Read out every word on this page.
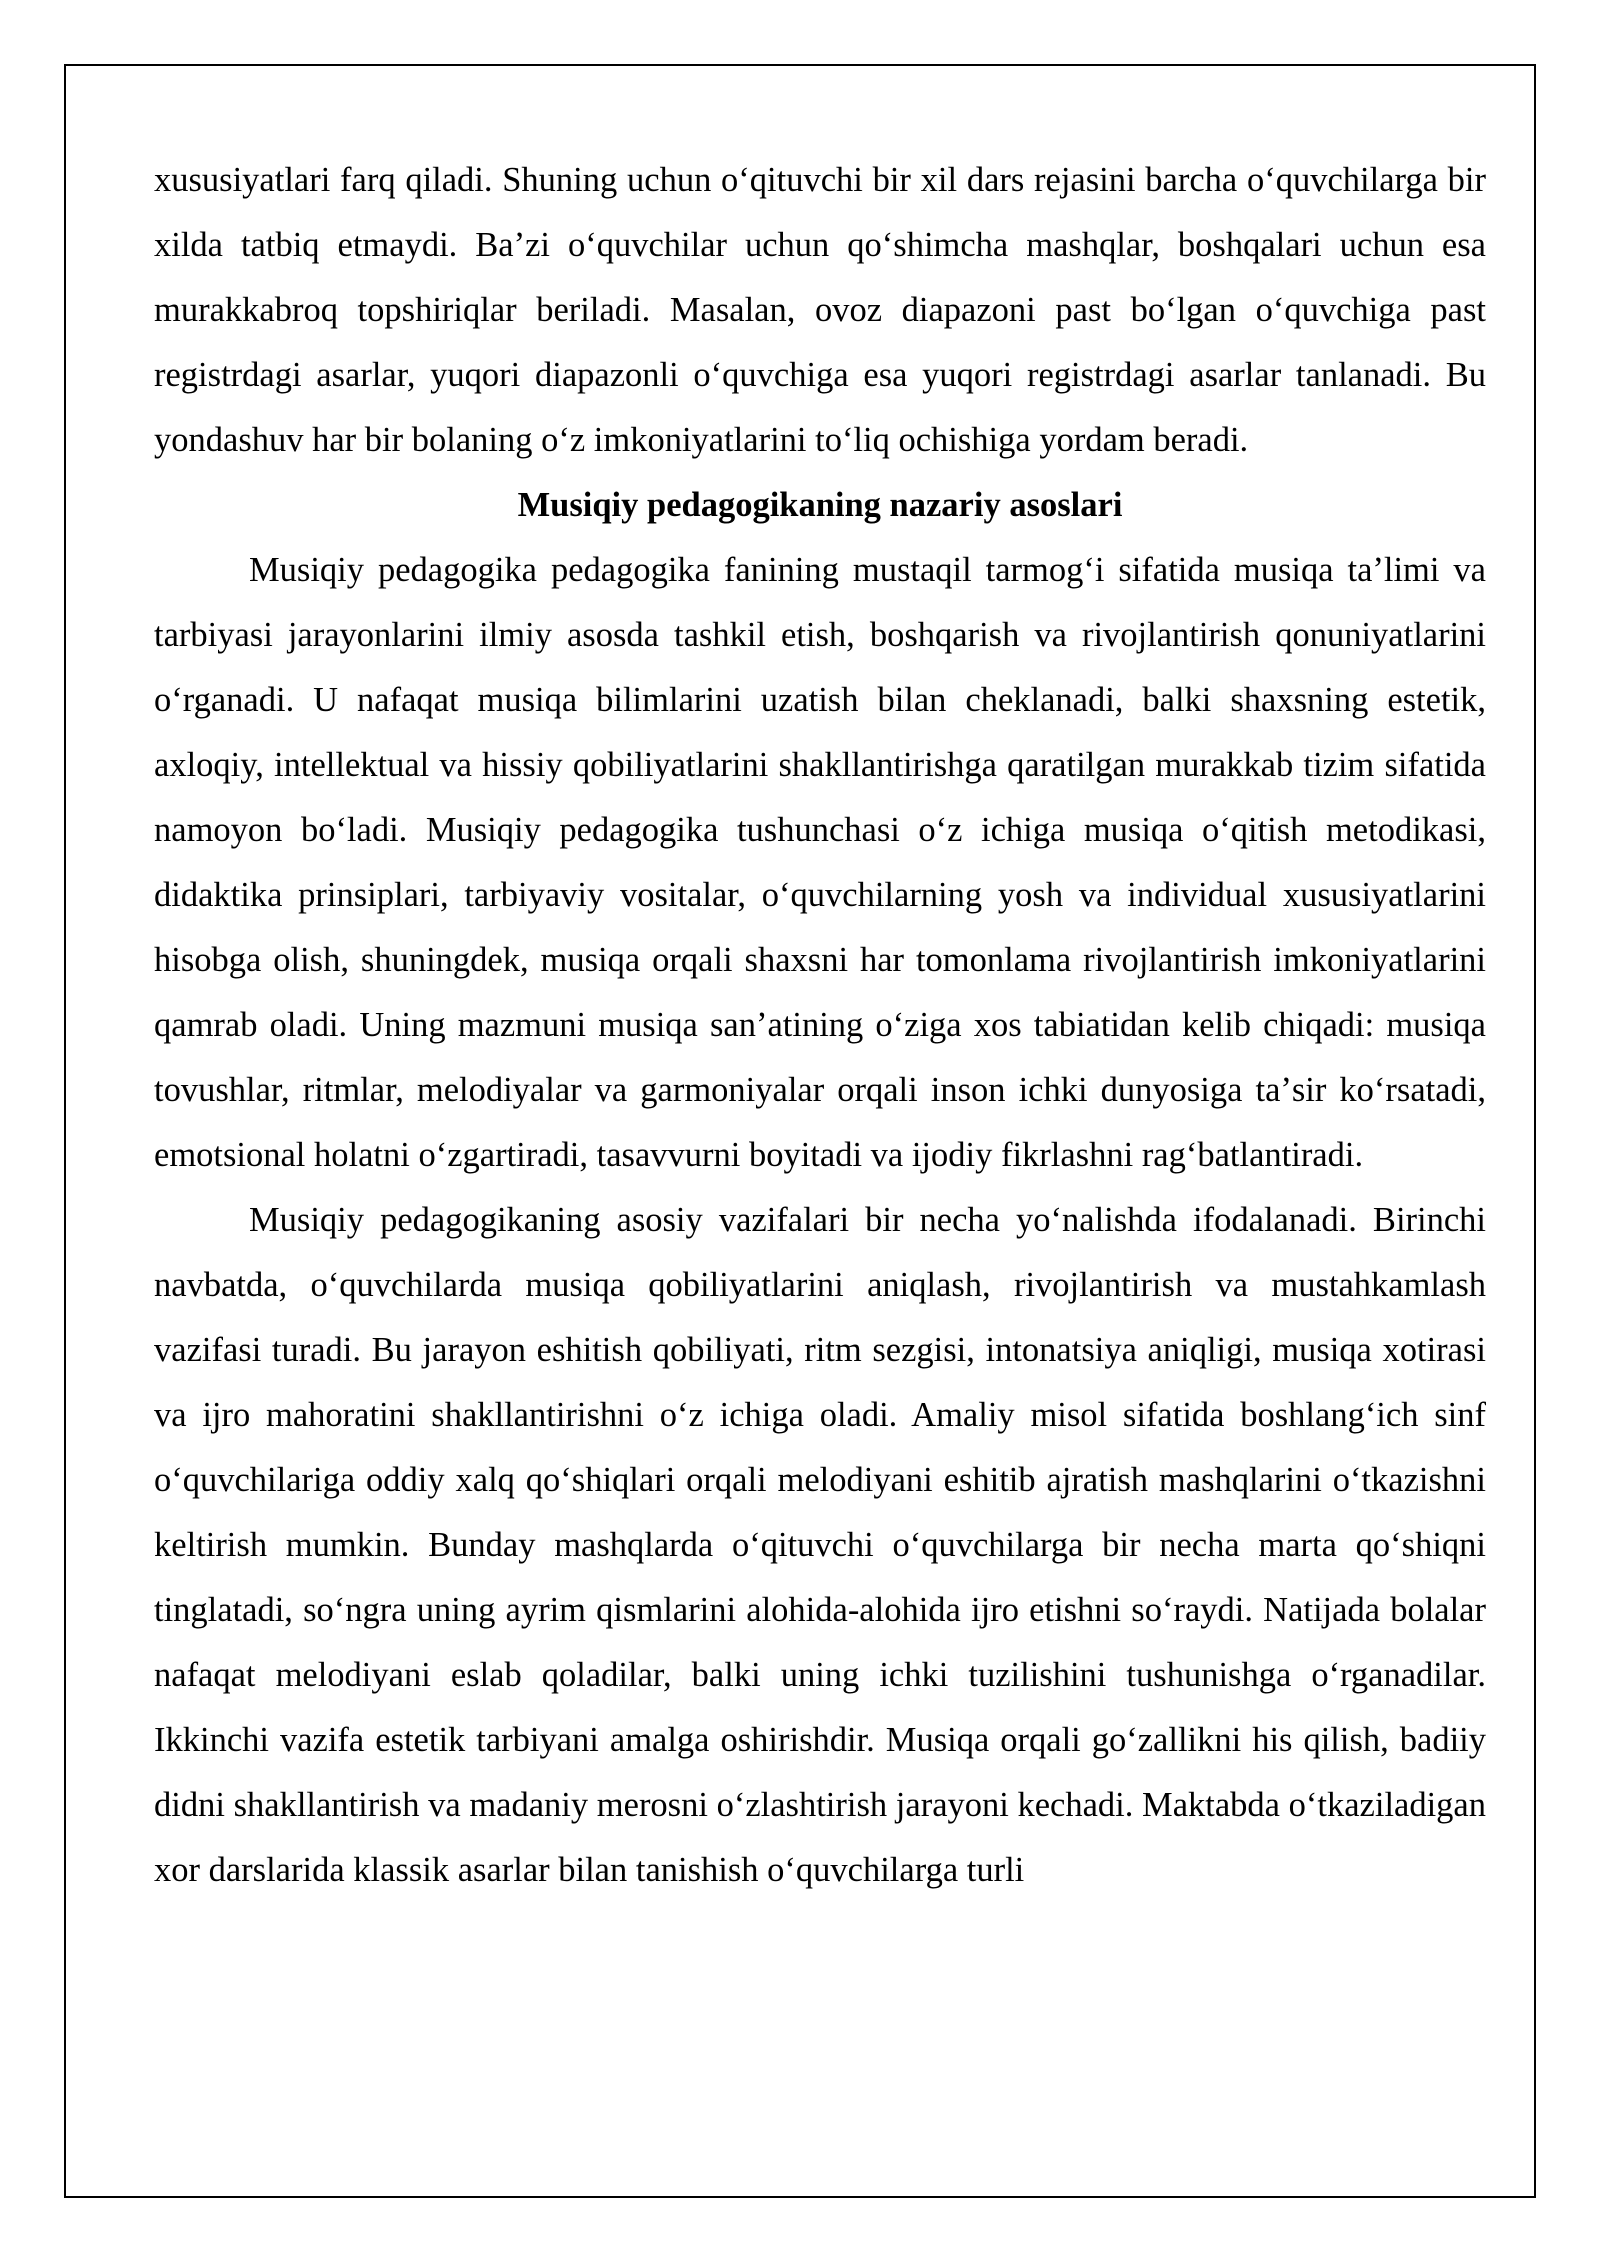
xususiyatlari farq qiladi. Shuning uchun oʻqituvchi bir xil dars rejasini barcha oʻquvchilarga bir xilda tatbiq etmaydi. Baʼzi oʻquvchilar uchun qoʻshimcha mashqlar, boshqalari uchun esa murakkabroq topshiriqlar beriladi. Masalan, ovoz diapazoni past boʻlgan oʻquvchiga past registrdagi asarlar, yuqori diapazonli oʻquvchiga esa yuqori registrdagi asarlar tanlanadi. Bu yondashuv har bir bolaning oʻz imkoniyatlarini toʻliq ochishiga yordam beradi.

Musiqiy pedagogikaning nazariy asoslari

Musiqiy pedagogika pedagogika fanining mustaqil tarmogʻi sifatida musiqa taʼlimi va tarbiyasi jarayonlarini ilmiy asosda tashkil etish, boshqarish va rivojlantirish qonuniyatlarini oʻrganadi. U nafaqat musiqa bilimlarini uzatish bilan cheklanadi, balki shaxsning estetik, axloqiy, intellektual va hissiy qobiliyatlarini shakllantirishga qaratilgan murakkab tizim sifatida namoyon boʻladi. Musiqiy pedagogika tushunchasi oʻz ichiga musiqa oʻqitish metodikasi, didaktika prinsiplari, tarbiyaviy vositalar, oʻquvchilarning yosh va individual xususiyatlarini hisobga olish, shuningdek, musiqa orqali shaxsni har tomonlama rivojlantirish imkoniyatlarini qamrab oladi. Uning mazmuni musiqa sanʼatining oʻziga xos tabiatidan kelib chiqadi: musiqa tovushlar, ritmlar, melodiyalar va garmoniyalar orqali inson ichki dunyosiga taʼsir koʻrsatadi, emotsional holatni oʻzgartiradi, tasavvurni boyitadi va ijodiy fikrlashni ragʻbatlantiradi.

Musiqiy pedagogikaning asosiy vazifalari bir necha yoʻnalishda ifodalanadi. Birinchi navbatda, oʻquvchilarda musiqa qobiliyatlarini aniqlash, rivojlantirish va mustahkamlash vazifasi turadi. Bu jarayon eshitish qobiliyati, ritm sezgisi, intonatsiya aniqligi, musiqa xotirasi va ijro mahoratini shakllantirishni oʻz ichiga oladi. Amaliy misol sifatida boshlangʻich sinf oʻquvchilariga oddiy xalq qoʻshiqlari orqali melodiyani eshitib ajratish mashqlarini oʻtkazishni keltirish mumkin. Bunday mashqlarda oʻqituvchi oʻquvchilarga bir necha marta qoʻshiqni tinglatadi, soʻngra uning ayrim qismlarini alohida-alohida ijro etishni soʻraydi. Natijada bolalar nafaqat melodiyani eslab qoladilar, balki uning ichki tuzilishini tushunishga oʻrganadilar. Ikkinchi vazifa estetik tarbiyani amalga oshirishdir. Musiqa orqali goʻzallikni his qilish, badiiy didni shakllantirish va madaniy merosni oʻzlashtirish jarayoni kechadi. Maktabda oʻtkaziladigan xor darslarida klassik asarlar bilan tanishish oʻquvchilarga turli
